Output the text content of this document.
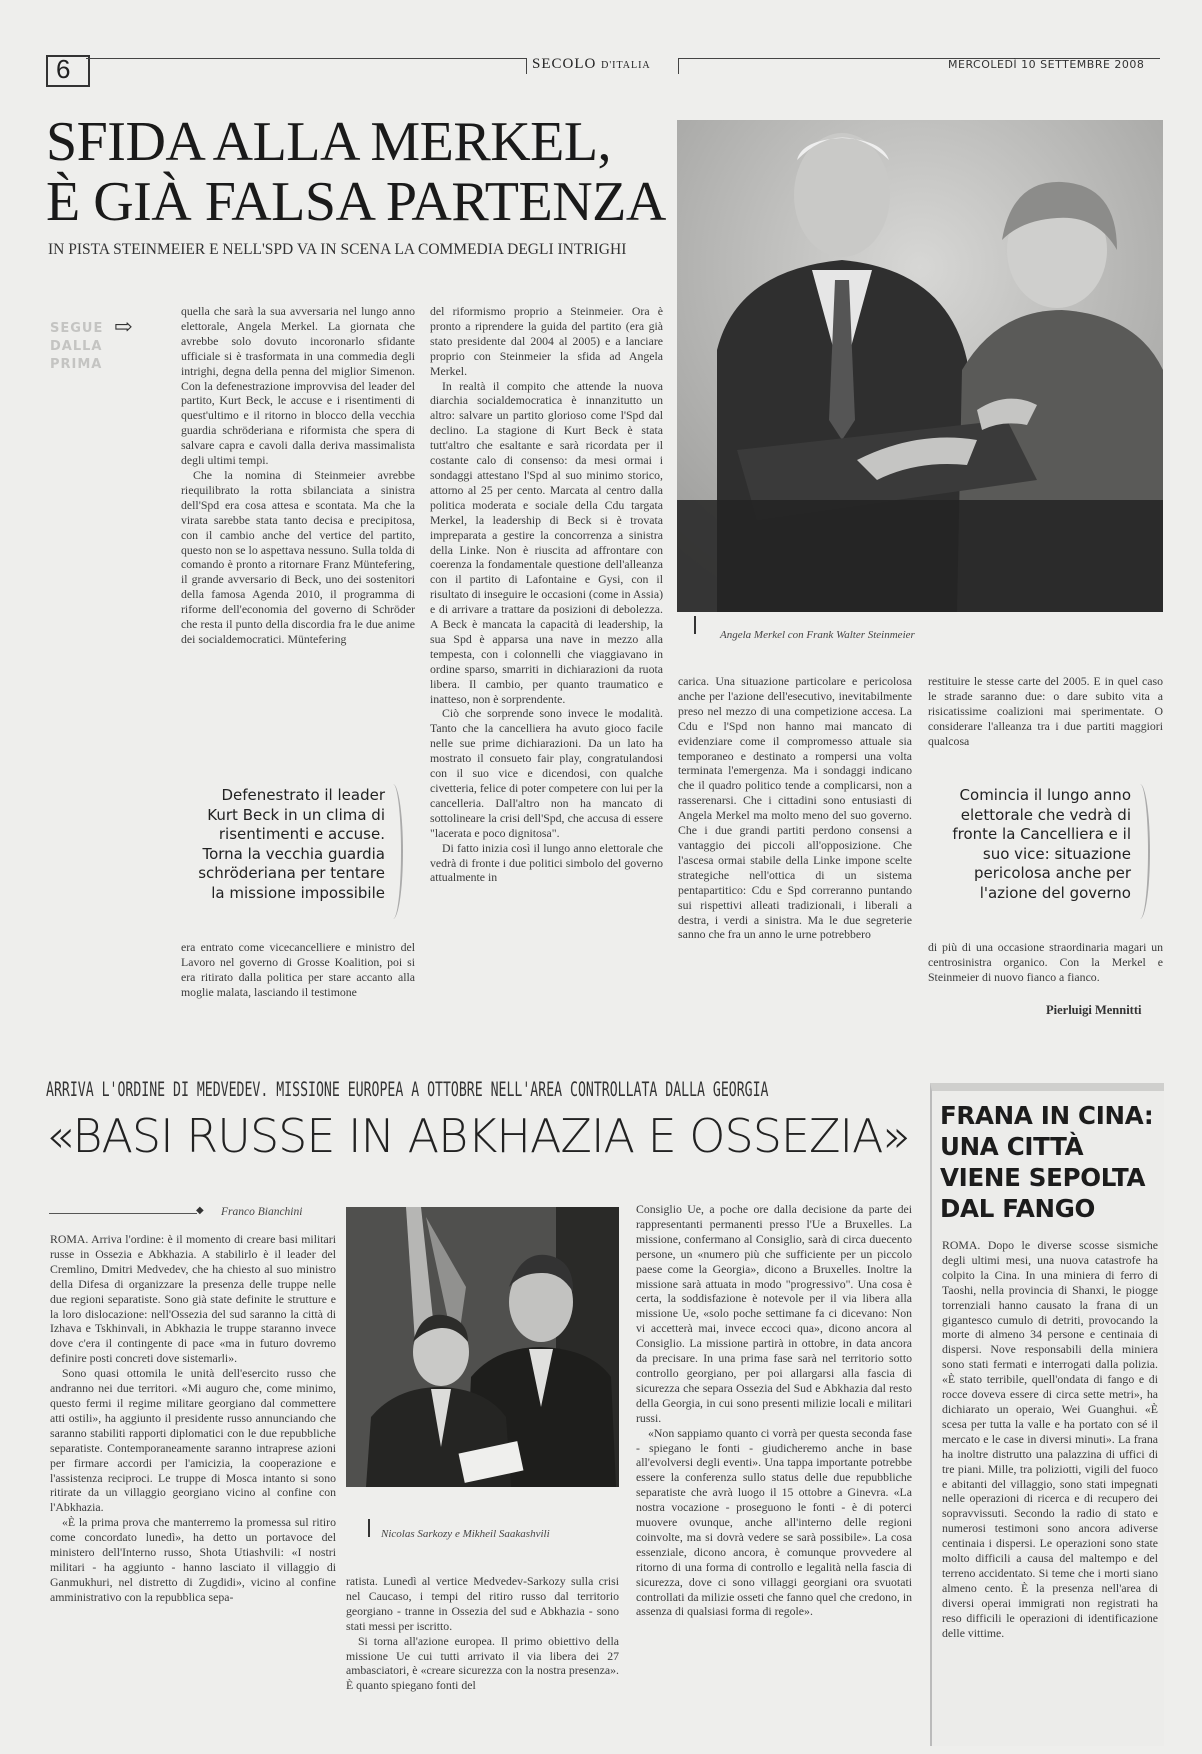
6	SECOLO D'ITALIA	MERCOLEDÌ 10 SETTEMBRE 2008
SFIDA ALLA MERKEL,
È GIÀ FALSA PARTENZA
IN PISTA STEINMEIER E NELL'SPD VA IN SCENA LA COMMEDIA DEGLI INTRIGHI
Angela Merkel con Frank Walter Steinmeier
SEGUE
DALLA
PRIMA
⇨

quella che sarà la sua avversaria nel lungo anno elettorale, Angela Merkel. La giornata che avrebbe solo dovuto incoronarlo sfidante ufficiale si è trasformata in una commedia degli intrighi, degna della penna del miglior Simenon. Con la defenestrazione improvvisa del leader del partito, Kurt Beck, le accuse e i risentimenti di quest'ultimo e il ritorno in blocco della vecchia guardia schröderiana e riformista che spera di salvare capra e cavoli dalla deriva massimalista degli ultimi tempi.

Che la nomina di Steinmeier avrebbe riequilibrato la rotta sbilanciata a sinistra dell'Spd era cosa attesa e scontata. Ma che la virata sarebbe stata tanto decisa e precipitosa, con il cambio anche del vertice del partito, questo non se lo aspettava nessuno. Sulla tolda di comando è pronto a ritornare Franz Müntefering, il grande avversario di Beck, uno dei sostenitori della famosa Agenda 2010, il programma di riforme dell'economia del governo di Schröder che resta il punto della discordia fra le due anime dei socialdemocratici. Müntefering

Defenestrato il leader Kurt Beck in un clima di risentimenti e accuse. Torna la vecchia guardia schröderiana per tentare la missione impossibile
era entrato come vicecancelliere e ministro del Lavoro nel governo di Grosse Koalition, poi si era ritirato dalla politica per stare accanto alla moglie malata, lasciando il testimone

del riformismo proprio a Steinmeier. Ora è pronto a riprendere la guida del partito (era già stato presidente dal 2004 al 2005) e a lanciare proprio con Steinmeier la sfida ad Angela Merkel.

In realtà il compito che attende la nuova diarchia socialdemocratica è innanzitutto un altro: salvare un partito glorioso come l'Spd dal declino. La stagione di Kurt Beck è stata tutt'altro che esaltante e sarà ricordata per il costante calo di consenso: da mesi ormai i sondaggi attestano l'Spd al suo minimo storico, attorno al 25 per cento. Marcata al centro dalla politica moderata e sociale della Cdu targata Merkel, la leadership di Beck si è trovata impreparata a gestire la concorrenza a sinistra della Linke. Non è riuscita ad affrontare con coerenza la fondamentale questione dell'alleanza con il partito di Lafontaine e Gysi, con il risultato di inseguire le occasioni (come in Assia) e di arrivare a trattare da posizioni di debolezza. A Beck è mancata la capacità di leadership, la sua Spd è apparsa una nave in mezzo alla tempesta, con i colonnelli che viaggiavano in ordine sparso, smarriti in dichiarazioni da ruota libera. Il cambio, per quanto traumatico e inatteso, non è sorprendente.

Ciò che sorprende sono invece le modalità. Tanto che la cancelliera ha avuto gioco facile nelle sue prime dichiarazioni. Da un lato ha mostrato il consueto fair play, congratulandosi con il suo vice e dicendosi, con qualche civetteria, felice di poter competere con lui per la cancelleria. Dall'altro non ha mancato di sottolineare la crisi dell'Spd, che accusa di essere "lacerata e poco dignitosa".

Di fatto inizia così il lungo anno elettorale che vedrà di fronte i due politici simbolo del governo attualmente in

carica. Una situazione particolare e pericolosa anche per l'azione dell'esecutivo, inevitabilmente preso nel mezzo di una competizione accesa. La Cdu e l'Spd non hanno mai mancato di evidenziare come il compromesso attuale sia temporaneo e destinato a rompersi una volta terminata l'emergenza. Ma i sondaggi indicano che il quadro politico tende a complicarsi, non a rasserenarsi. Che i cittadini sono entusiasti di Angela Merkel ma molto meno del suo governo. Che i due grandi partiti perdono consensi a vantaggio dei piccoli all'opposizione. Che l'ascesa ormai stabile della Linke impone scelte strategiche nell'ottica di un sistema pentapartitico: Cdu e Spd correranno puntando sui rispettivi alleati tradizionali, i liberali a destra, i verdi a sinistra. Ma le due segreterie sanno che fra un anno le urne potrebbero
restituire le stesse carte del 2005. E in quel caso le strade saranno due: o dare subito vita a risicatissime coalizioni mai sperimentate. O considerare l'alleanza tra i due partiti maggiori qualcosa
Comincia il lungo anno elettorale che vedrà di fronte la Cancelliera e il suo vice: situazione pericolosa anche per l'azione del governo
di più di una occasione straordinaria magari un centrosinistra organico. Con la Merkel e Steinmeier di nuovo fianco a fianco.
Pierluigi Mennitti
ARRIVA L'ORDINE DI MEDVEDEV. MISSIONE EUROPEA A OTTOBRE NELL'AREA CONTROLLATA DALLA GEORGIA
«BASI RUSSE IN ABKHAZIA E OSSEZIA»
◆ Franco Bianchini

ROMA. Arriva l'ordine: è il momento di creare basi militari russe in Ossezia e Abkhazia. A stabilirlo è il leader del Cremlino, Dmitri Medvedev, che ha chiesto al suo ministro della Difesa di organizzare la presenza delle truppe nelle due regioni separatiste. Sono già state definite le strutture e la loro dislocazione: nell'Ossezia del sud saranno la città di Izhava e Tskhinvali, in Abkhazia le truppe staranno invece dove c'era il contingente di pace «ma in futuro dovremo definire posti concreti dove sistemarli».

Sono quasi ottomila le unità dell'esercito russo che andranno nei due territori. «Mi auguro che, come minimo, questo fermi il regime militare georgiano dal commettere atti ostili», ha aggiunto il presidente russo annunciando che saranno stabiliti rapporti diplomatici con le due repubbliche separatiste. Contemporaneamente saranno intraprese azioni per firmare accordi per l'amicizia, la cooperazione e l'assistenza reciproci. Le truppe di Mosca intanto si sono ritirate da un villaggio georgiano vicino al confine con l'Abkhazia.

«È la prima prova che manterremo la promessa sul ritiro come concordato lunedì», ha detto un portavoce del ministero dell'Interno russo, Shota Utiashvili: «I nostri militari - ha aggiunto - hanno lasciato il villaggio di Ganmukhuri, nel distretto di Zugdidi», vicino al confine amministrativo con la repubblica sepa-

Nicolas Sarkozy e Mikheil Saakashvili

ratista. Lunedì al vertice Medvedev-Sarkozy sulla crisi nel Caucaso, i tempi del ritiro russo dal territorio georgiano - tranne in Ossezia del sud e Abkhazia - sono stati messi per iscritto.

Si torna all'azione europea. Il primo obiettivo della missione Ue cui tutti arrivato il via libera dei 27 ambasciatori, è «creare sicurezza con la nostra presenza». È quanto spiegano fonti del

Consiglio Ue, a poche ore dalla decisione da parte dei rappresentanti permanenti presso l'Ue a Bruxelles. La missione, confermano al Consiglio, sarà di circa duecento persone, un «numero più che sufficiente per un piccolo paese come la Georgia», dicono a Bruxelles. Inoltre la missione sarà attuata in modo "progressivo". Una cosa è certa, la soddisfazione è notevole per il via libera alla missione Ue, «solo poche settimane fa ci dicevano: Non vi accetterà mai, invece eccoci qua», dicono ancora al Consiglio. La missione partirà in ottobre, in data ancora da precisare. In una prima fase sarà nel territorio sotto controllo georgiano, per poi allargarsi alla fascia di sicurezza che separa Ossezia del Sud e Abkhazia dal resto della Georgia, in cui sono presenti milizie locali e militari russi.

«Non sappiamo quanto ci vorrà per questa seconda fase - spiegano le fonti - giudicheremo anche in base all'evolversi degli eventi». Una tappa importante potrebbe essere la conferenza sullo status delle due repubbliche separatiste che avrà luogo il 15 ottobre a Ginevra. «La nostra vocazione - proseguono le fonti - è di poterci muovere ovunque, anche all'interno delle regioni coinvolte, ma si dovrà vedere se sarà possibile». La cosa essenziale, dicono ancora, è comunque provvedere al ritorno di una forma di controllo e legalità nella fascia di sicurezza, dove ci sono villaggi georgiani ora svuotati controllati da milizie osseti che fanno quel che credono, in assenza di qualsiasi forma di regole».

FRANA IN CINA:
UNA CITTÀ
VIENE SEPOLTA
DAL FANGO

ROMA. Dopo le diverse scosse sismiche degli ultimi mesi, una nuova catastrofe ha colpito la Cina. In una miniera di ferro di Taoshi, nella provincia di Shanxi, le piogge torrenziali hanno causato la frana di un gigantesco cumulo di detriti, provocando la morte di almeno 34 persone e centinaia di dispersi. Nove responsabili della miniera sono stati fermati e interrogati dalla polizia. «È stato terribile, quell'ondata di fango e di rocce doveva essere di circa sette metri», ha dichiarato un operaio, Wei Guanghui. «È scesa per tutta la valle e ha portato con sé il mercato e le case in diversi minuti». La frana ha inoltre distrutto una palazzina di uffici di tre piani. Mille, tra poliziotti, vigili del fuoco e abitanti del villaggio, sono stati impegnati nelle operazioni di ricerca e di recupero dei sopravvissuti. Secondo la radio di stato e numerosi testimoni sono ancora adiverse centinaia i dispersi. Le operazioni sono state molto difficili a causa del maltempo e del terreno accidentato. Si teme che i morti siano almeno cento. È la presenza nell'area di diversi operai immigrati non registrati ha reso difficili le operazioni di identificazione delle vittime.
